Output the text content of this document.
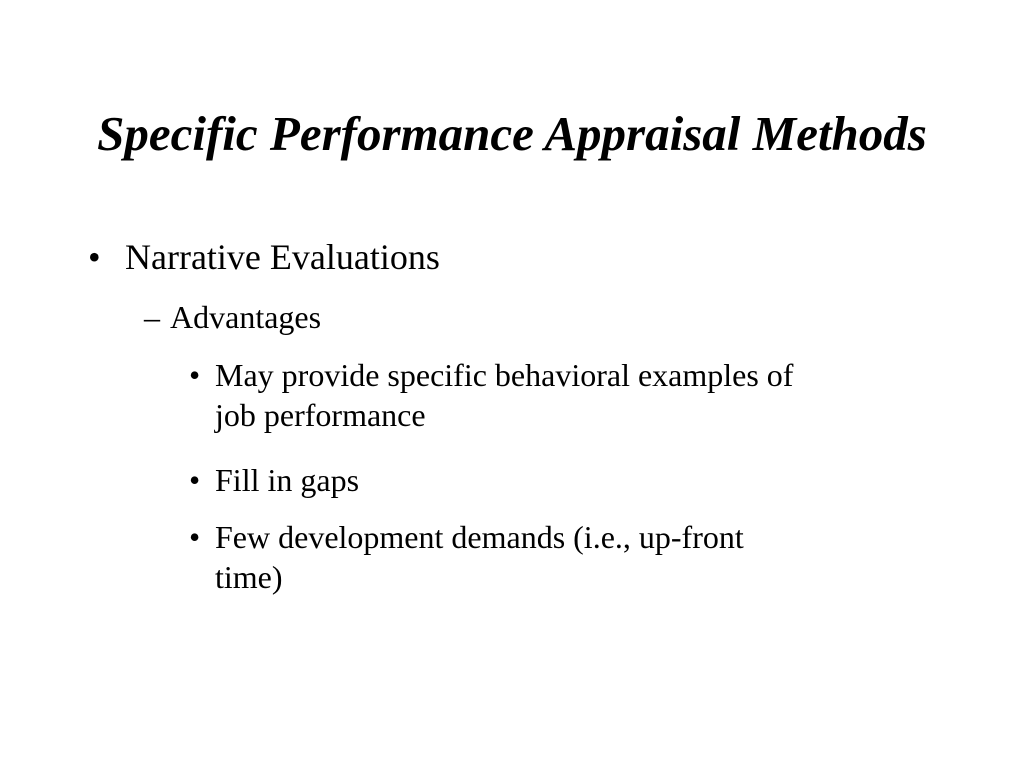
Specific Performance Appraisal Methods
• Narrative Evaluations
– Advantages
• May provide specific behavioral examples of
job performance
• Fill in gaps
• Few development demands (i.e., up-front
time)
